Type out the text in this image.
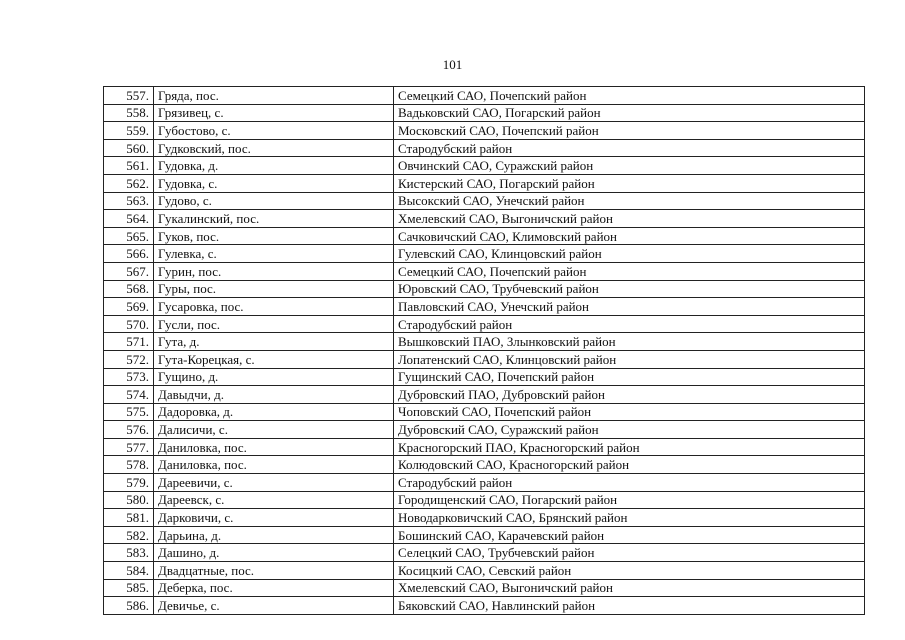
101
557.	Гряда, пос.	Семецкий САО, Почепский район
558.	Грязивец, с.	Вадьковский САО, Погарский район
559.	Губостово, с.	Московский САО, Почепский район
560.	Гудковский, пос.	Стародубский район
561.	Гудовка, д.	Овчинский САО, Суражский район
562.	Гудовка, с.	Кистерский САО, Погарский район
563.	Гудово, с.	Высокский САО, Унечский район
564.	Гукалинский, пос.	Хмелевский САО, Выгоничский район
565.	Гуков, пос.	Сачковичский САО, Климовский район
566.	Гулевка, с.	Гулевский САО, Клинцовский район
567.	Гурин, пос.	Семецкий САО, Почепский район
568.	Гуры, пос.	Юровский САО, Трубчевский район
569.	Гусаровка, пос.	Павловский САО, Унечский район
570.	Гусли, пос.	Стародубский район
571.	Гута, д.	Вышковский ПАО, Злынковский район
572.	Гута-Корецкая, с.	Лопатенский САО, Клинцовский район
573.	Гущино, д.	Гущинский САО, Почепский район
574.	Давыдчи, д.	Дубровский ПАО, Дубровский район
575.	Дадоровка, д.	Чоповский САО, Почепский район
576.	Далисичи, с.	Дубровский САО, Суражский район
577.	Даниловка, пос.	Красногорский ПАО, Красногорский район
578.	Даниловка, пос.	Колюдовский САО, Красногорский район
579.	Дареевичи, с.	Стародубский район
580.	Дареевск, с.	Городищенский САО, Погарский район
581.	Дарковичи, с.	Новодарковичский САО, Брянский район
582.	Дарьина, д.	Бошинский САО, Карачевский район
583.	Дашино, д.	Селецкий САО, Трубчевский район
584.	Двадцатные, пос.	Косицкий САО, Севский район
585.	Деберка, пос.	Хмелевский САО, Выгоничский район
586.	Девичье, с.	Бяковский САО, Навлинский район
